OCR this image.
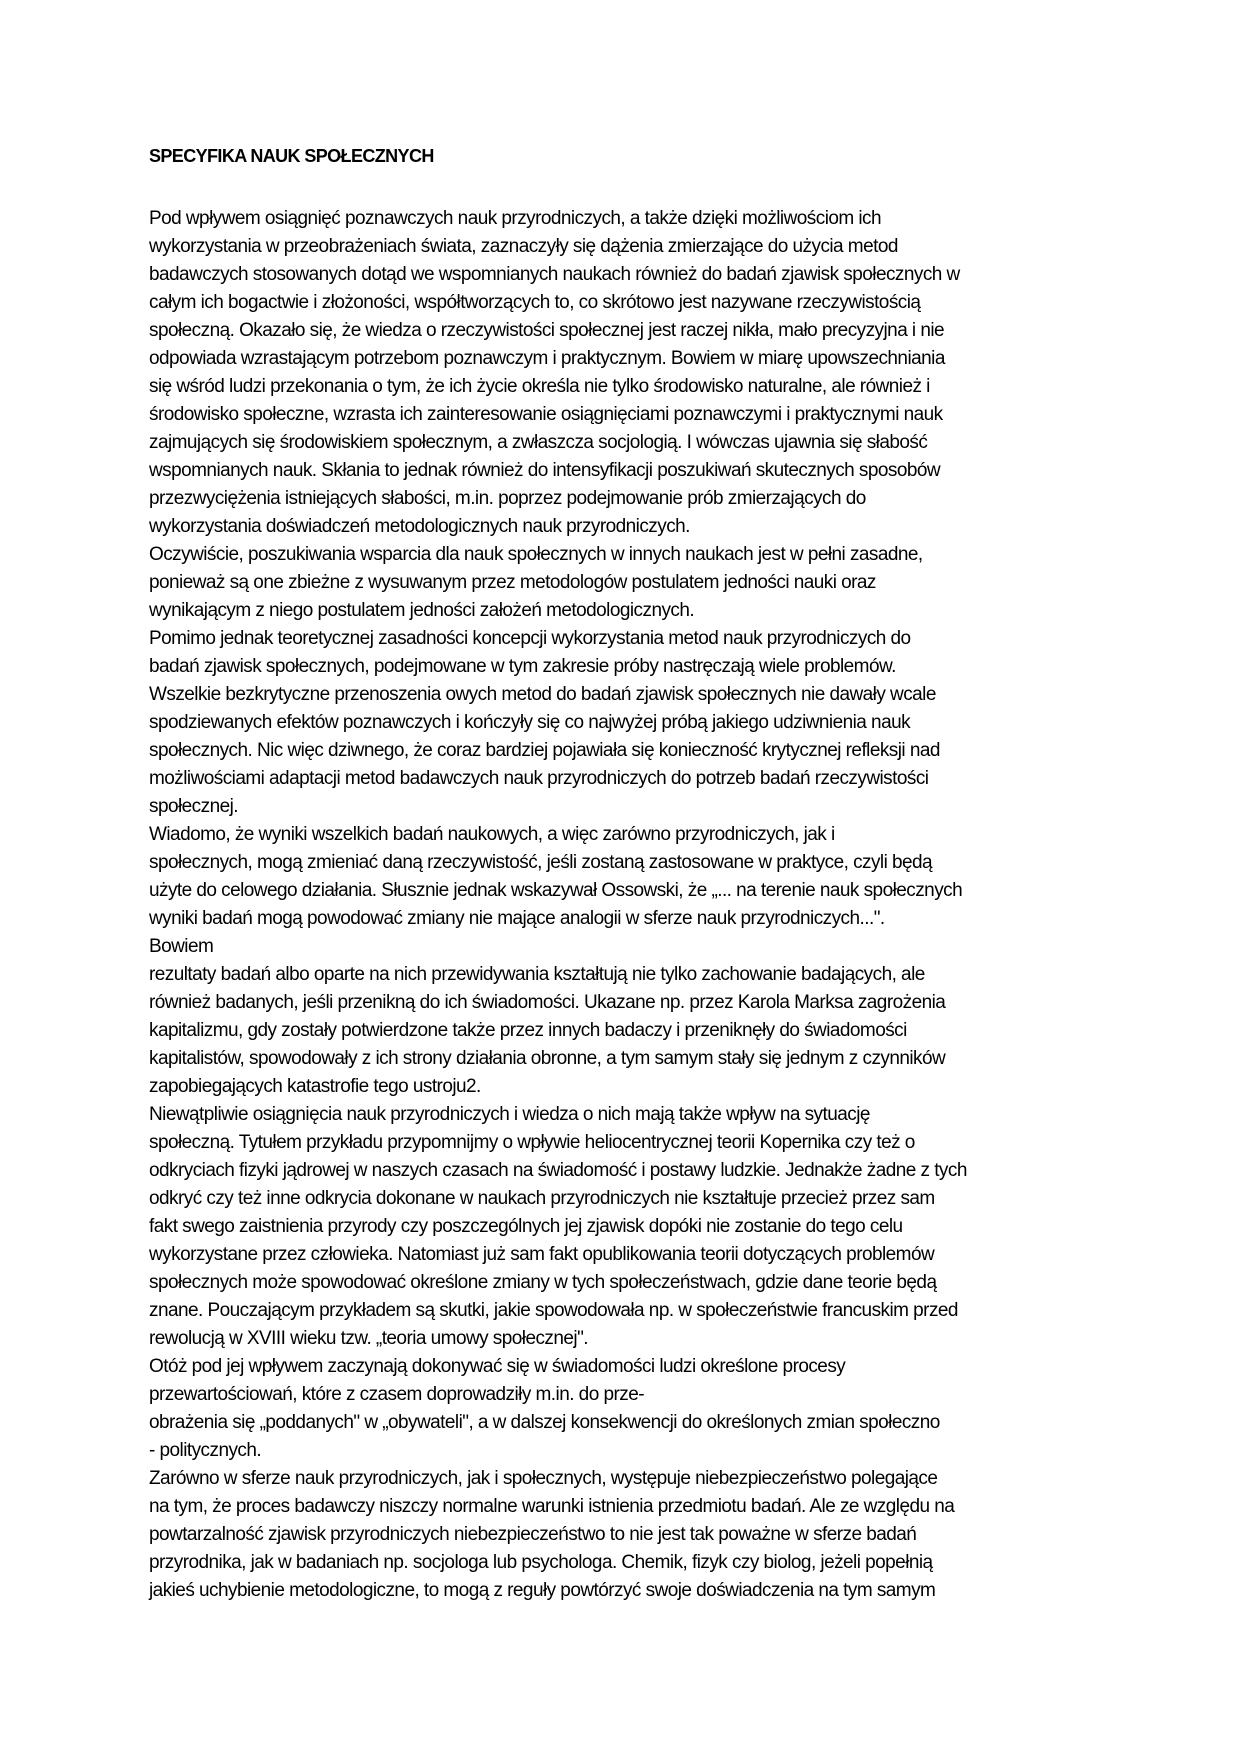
SPECYFIKA NAUK SPOŁECZNYCH
Pod wpływem osiągnięć poznawczych nauk przyrodniczych, a także dzięki możliwościom ich
wykorzystania w przeobrażeniach świata, zaznaczyły się dążenia zmierzające do użycia metod
badawczych stosowanych dotąd we wspomnianych naukach również do badań zjawisk społecznych w
całym ich bogactwie i złożoności, współtworzących to, co skrótowo jest nazywane rzeczywistością
społeczną. Okazało się, że wiedza o rzeczywistości społecznej jest raczej nikła, mało precyzyjna i nie
odpowiada wzrastającym potrzebom poznawczym i praktycznym. Bowiem w miarę upowszechniania
się wśród ludzi przekonania o tym, że ich życie określa nie tylko środowisko naturalne, ale również i
środowisko społeczne, wzrasta ich zainteresowanie osiągnięciami poznawczymi i praktycznymi nauk
zajmujących się środowiskiem społecznym, a zwłaszcza socjologią. I wówczas ujawnia się słabość
wspomnianych nauk. Skłania to jednak również do intensyfikacji poszukiwań skutecznych sposobów
przezwyciężenia istniejących słabości, m.in. poprzez podejmowanie prób zmierzających do
wykorzystania doświadczeń metodologicznych nauk przyrodniczych.
Oczywiście, poszukiwania wsparcia dla nauk społecznych w innych naukach jest w pełni zasadne,
ponieważ są one zbieżne z wysuwanym przez metodologów postulatem jedności nauki oraz
wynikającym z niego postulatem jedności założeń metodologicznych.
Pomimo jednak teoretycznej zasadności koncepcji wykorzystania metod nauk przyrodniczych do
badań zjawisk społecznych, podejmowane w tym zakresie próby nastręczają wiele problemów.
Wszelkie bezkrytyczne przenoszenia owych metod do badań zjawisk społecznych nie dawały wcale
spodziewanych efektów poznawczych i kończyły się co najwyżej próbą jakiego udziwnienia nauk
społecznych. Nic więc dziwnego, że coraz bardziej pojawiała się konieczność krytycznej refleksji nad
możliwościami adaptacji metod badawczych nauk przyrodniczych do potrzeb badań rzeczywistości
społecznej.
Wiadomo, że wyniki wszelkich badań naukowych, a więc zarówno przyrodniczych, jak i
społecznych, mogą zmieniać daną rzeczywistość, jeśli zostaną zastosowane w praktyce, czyli będą
użyte do celowego działania. Słusznie jednak wskazywał Ossowski, że „... na terenie nauk społecznych
wyniki badań mogą powodować zmiany nie mające analogii w sferze nauk przyrodniczych...".
Bowiem
rezultaty badań albo oparte na nich przewidywania kształtują nie tylko zachowanie badających, ale
również badanych, jeśli przenikną do ich świadomości. Ukazane np. przez Karola Marksa zagrożenia
kapitalizmu, gdy zostały potwierdzone także przez innych badaczy i przeniknęły do świadomości
kapitalistów, spowodowały z ich strony działania obronne, a tym samym stały się jednym z czynników
zapobiegających katastrofie tego ustroju2.
Niewątpliwie osiągnięcia nauk przyrodniczych i wiedza o nich mają także wpływ na sytuację
społeczną. Tytułem przykładu przypomnijmy o wpływie heliocentrycznej teorii Kopernika czy też o
odkryciach fizyki jądrowej w naszych czasach na świadomość i postawy ludzkie. Jednakże żadne z tych
odkryć czy też inne odkrycia dokonane w naukach przyrodniczych nie kształtuje przecież przez sam
fakt swego zaistnienia przyrody czy poszczególnych jej zjawisk dopóki nie zostanie do tego celu
wykorzystane przez człowieka. Natomiast już sam fakt opublikowania teorii dotyczących problemów
społecznych może spowodować określone zmiany w tych społeczeństwach, gdzie dane teorie będą
znane. Pouczającym przykładem są skutki, jakie spowodowała np. w społeczeństwie francuskim przed
rewolucją w XVIII wieku tzw. „teoria umowy społecznej".
Otóż pod jej wpływem zaczynają dokonywać się w świadomości ludzi określone procesy
przewartościowań, które z czasem doprowadziły m.in. do prze-
obrażenia się „poddanych" w „obywateli", a w dalszej konsekwencji do określonych zmian społeczno
- politycznych.
Zarówno w sferze nauk przyrodniczych, jak i społecznych, występuje niebezpieczeństwo polegające
na tym, że proces badawczy niszczy normalne warunki istnienia przedmiotu badań. Ale ze względu na
powtarzalność zjawisk przyrodniczych niebezpieczeństwo to nie jest tak poważne w sferze badań
przyrodnika, jak w badaniach np. socjologa lub psychologa. Chemik, fizyk czy biolog, jeżeli popełnią
jakieś uchybienie metodologiczne, to mogą z reguły powtórzyć swoje doświadczenia na tym samym
